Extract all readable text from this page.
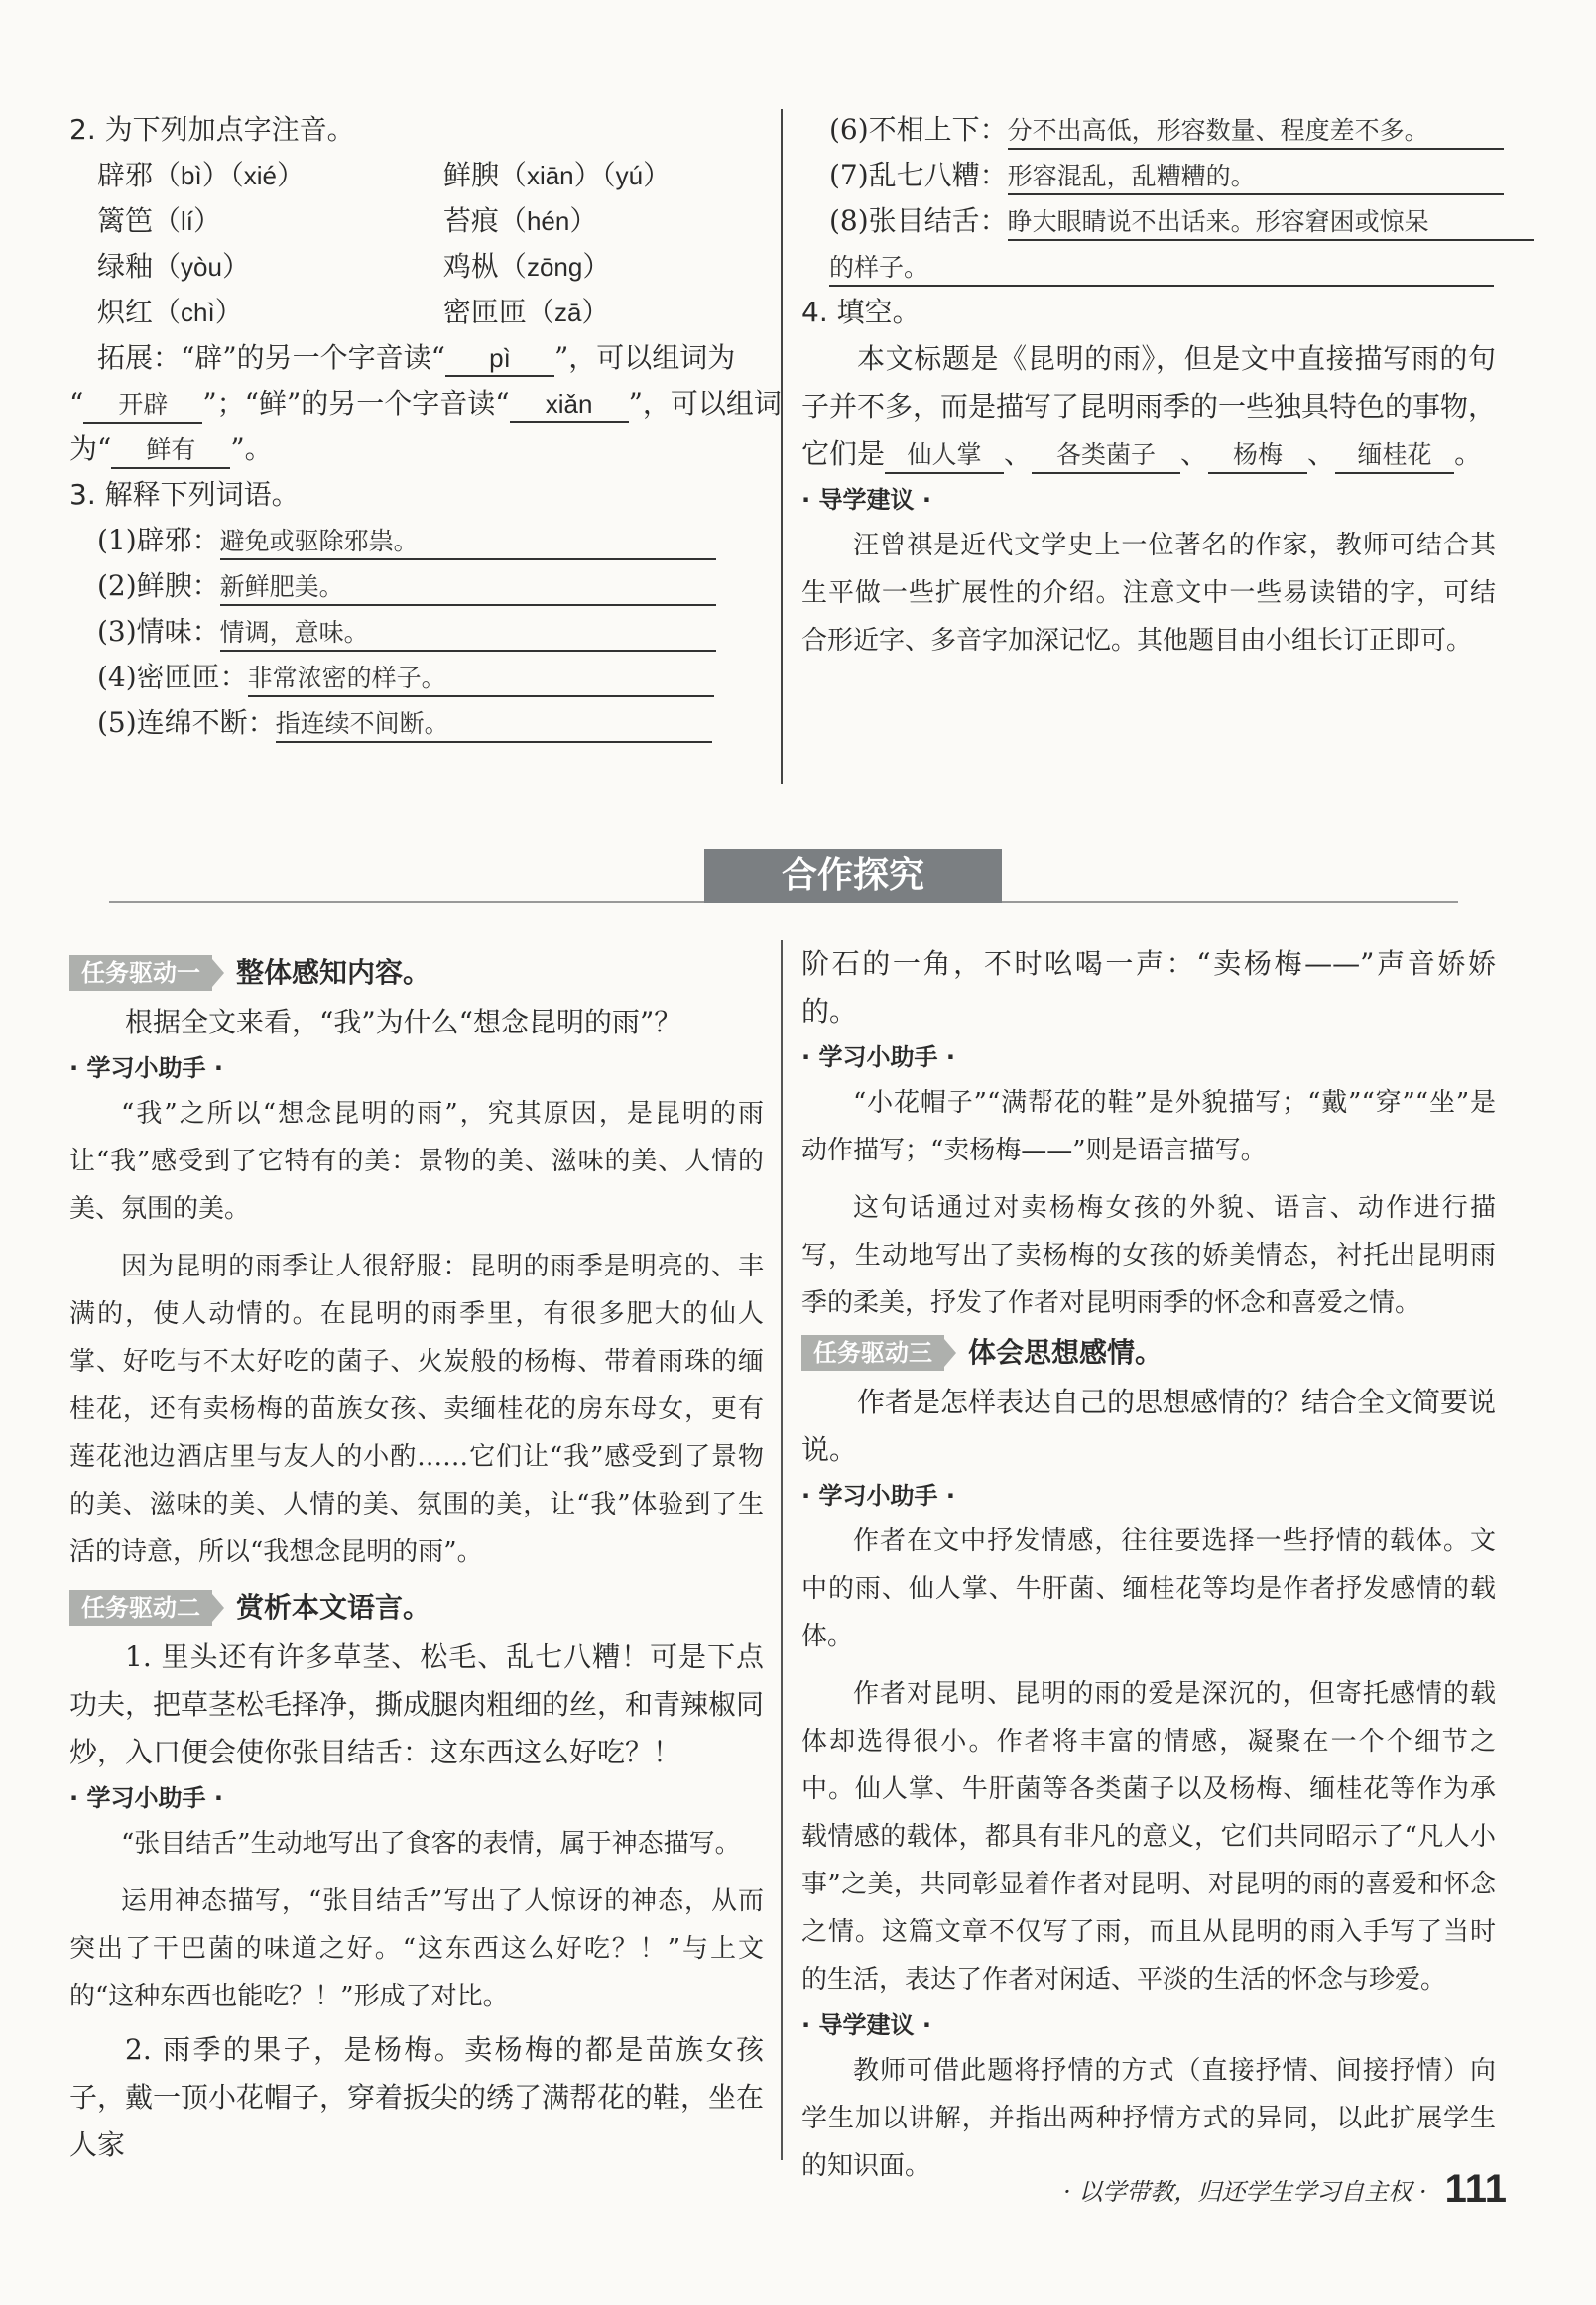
2. 为下列加点字注音。
辟邪（bì）（xié）	鲜腴（xiān）（yú）
篱笆（lí）	苔痕（hén）
绿釉（yòu）	鸡枞（zōng）
炽红（chì）	密匝匝（zā）
拓展：“辟”的另一个字音读“ pì ”，可以组词为
“ 开辟 ”；“鲜”的另一个字音读“ xiǎn ”，可以组词
为“ 鲜有 ”。
3. 解释下列词语。
(1)辟邪：避免或驱除邪祟。
(2)鲜腴：新鲜肥美。
(3)情味：情调，意味。
(4)密匝匝：非常浓密的样子。
(5)连绵不断：指连续不间断。
(6)不相上下：分不出高低，形容数量、程度差不多。
(7)乱七八糟：形容混乱，乱糟糟的。
(8)张目结舌：睁大眼睛说不出话来。形容窘困或惊呆
的样子。
4. 填空。

本文标题是《昆明的雨》，但是文中直接描写雨的句子并不多，而是描写了昆明雨季的一些独具特色的事物，它们是 仙人掌 、 各类菌子 、 杨梅 、 缅桂花 。

· 导学建议 ·

汪曾祺是近代文学史上一位著名的作家，教师可结合其生平做一些扩展性的介绍。注意文中一些易读错的字，可结合形近字、多音字加深记忆。其他题目由小组长订正即可。

合作探究
任务驱动一	整体感知内容。

根据全文来看，“我”为什么“想念昆明的雨”？

· 学习小助手 ·

“我”之所以“想念昆明的雨”，究其原因，是昆明的雨让“我”感受到了它特有的美：景物的美、滋味的美、人情的美、氛围的美。

因为昆明的雨季让人很舒服：昆明的雨季是明亮的、丰满的，使人动情的。在昆明的雨季里，有很多肥大的仙人掌、好吃与不太好吃的菌子、火炭般的杨梅、带着雨珠的缅桂花，还有卖杨梅的苗族女孩、卖缅桂花的房东母女，更有莲花池边酒店里与友人的小酌……它们让“我”感受到了景物的美、滋味的美、人情的美、氛围的美，让“我”体验到了生活的诗意，所以“我想念昆明的雨”。

任务驱动二	赏析本文语言。

1. 里头还有许多草茎、松毛、乱七八糟！可是下点功夫，把草茎松毛择净，撕成腿肉粗细的丝，和青辣椒同炒，入口便会使你张目结舌：这东西这么好吃？！

· 学习小助手 ·

“张目结舌”生动地写出了食客的表情，属于神态描写。

运用神态描写，“张目结舌”写出了人惊讶的神态，从而突出了干巴菌的味道之好。“这东西这么好吃？！”与上文的“这种东西也能吃？！”形成了对比。

2. 雨季的果子，是杨梅。卖杨梅的都是苗族女孩子，戴一顶小花帽子，穿着扳尖的绣了满帮花的鞋，坐在人家

阶石的一角，不时吆喝一声：“卖杨梅——”声音娇娇的。

· 学习小助手 ·

“小花帽子”“满帮花的鞋”是外貌描写；“戴”“穿”“坐”是动作描写；“卖杨梅——”则是语言描写。

这句话通过对卖杨梅女孩的外貌、语言、动作进行描写，生动地写出了卖杨梅的女孩的娇美情态，衬托出昆明雨季的柔美，抒发了作者对昆明雨季的怀念和喜爱之情。

任务驱动三	体会思想感情。

作者是怎样表达自己的思想感情的？结合全文简要说说。

· 学习小助手 ·

作者在文中抒发情感，往往要选择一些抒情的载体。文中的雨、仙人掌、牛肝菌、缅桂花等均是作者抒发感情的载体。

作者对昆明、昆明的雨的爱是深沉的，但寄托感情的载体却选得很小。作者将丰富的情感，凝聚在一个个细节之中。仙人掌、牛肝菌等各类菌子以及杨梅、缅桂花等作为承载情感的载体，都具有非凡的意义，它们共同昭示了“凡人小事”之美，共同彰显着作者对昆明、对昆明的雨的喜爱和怀念之情。这篇文章不仅写了雨，而且从昆明的雨入手写了当时的生活，表达了作者对闲适、平淡的生活的怀念与珍爱。

· 导学建议 ·

教师可借此题将抒情的方式（直接抒情、间接抒情）向学生加以讲解，并指出两种抒情方式的异同，以此扩展学生的知识面。

· 以学带教，归还学生学习自主权 · 111
